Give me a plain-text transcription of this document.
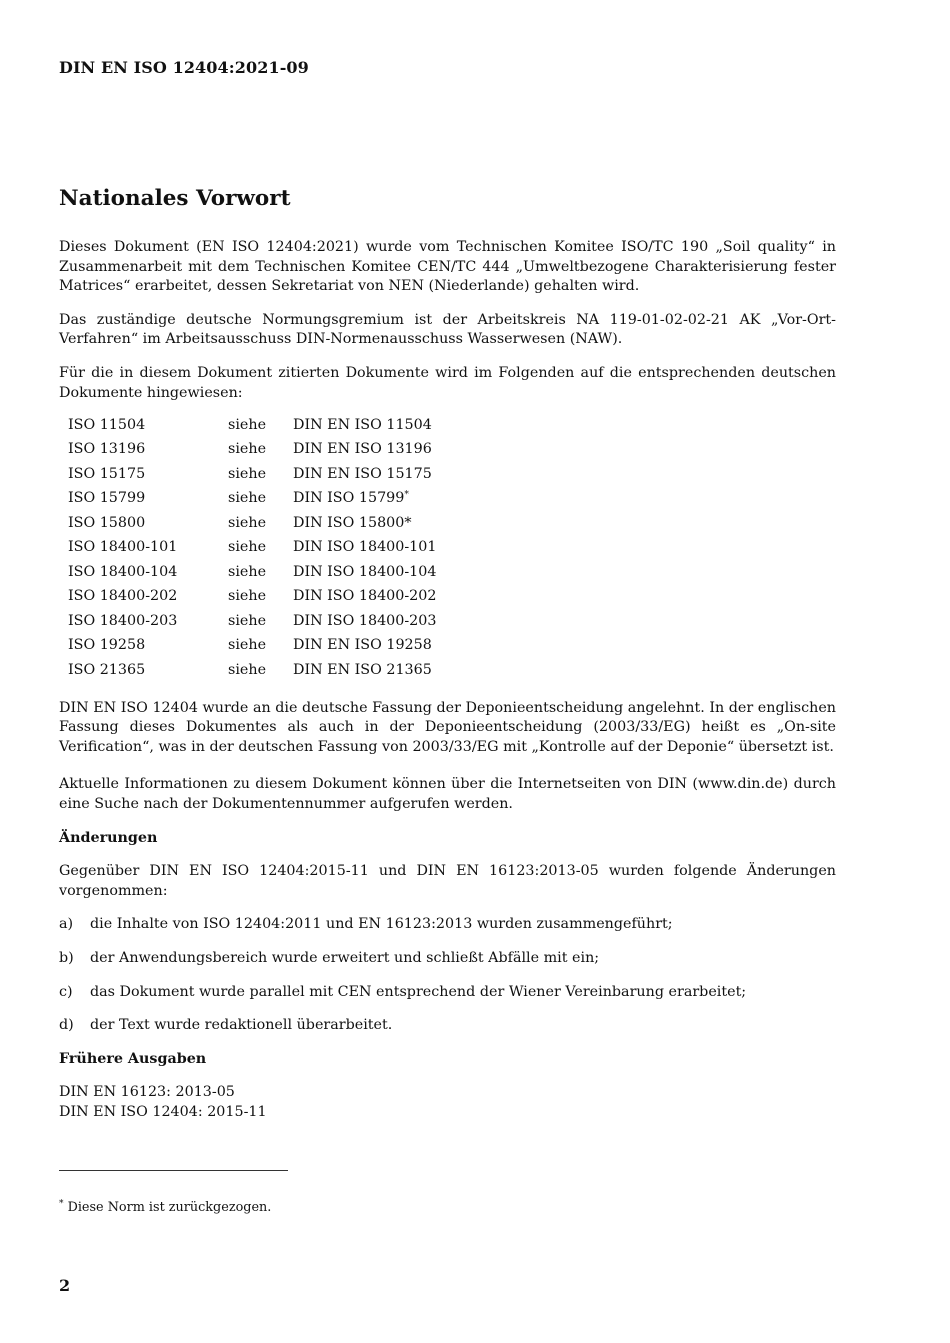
DIN EN ISO 12404:2021-09
Nationales Vorwort

Dieses Dokument (EN ISO 12404:2021) wurde vom Technischen Komitee ISO/TC 190 „Soil quality“ in Zusammenarbeit mit dem Technischen Komitee CEN/TC 444 „Umweltbezogene Charakterisierung fester Matrices“ erarbeitet, dessen Sekretariat von NEN (Niederlande) gehalten wird.

Das zuständige deutsche Normungsgremium ist der Arbeitskreis NA 119-01-02-02-21 AK „Vor-Ort-Verfahren“ im Arbeitsausschuss DIN-Normenausschuss Wasserwesen (NAW).

Für die in diesem Dokument zitierten Dokumente wird im Folgenden auf die entsprechenden deutschen Dokumente hingewiesen:

ISO 11504	siehe	DIN EN ISO 11504
ISO 13196	siehe	DIN EN ISO 13196
ISO 15175	siehe	DIN EN ISO 15175
ISO 15799	siehe	DIN ISO 15799*
ISO 15800	siehe	DIN ISO 15800*
ISO 18400-101	siehe	DIN ISO 18400-101
ISO 18400-104	siehe	DIN ISO 18400-104
ISO 18400-202	siehe	DIN ISO 18400-202
ISO 18400-203	siehe	DIN ISO 18400-203
ISO 19258	siehe	DIN EN ISO 19258
ISO 21365	siehe	DIN EN ISO 21365

DIN EN ISO 12404 wurde an die deutsche Fassung der Deponieentscheidung angelehnt. In der englischen Fassung dieses Dokumentes als auch in der Deponieentscheidung (2003/33/EG) heißt es „On-site Verification“, was in der deutschen Fassung von 2003/33/EG mit „Kontrolle auf der Deponie“ übersetzt ist.

Aktuelle Informationen zu diesem Dokument können über die Internetseiten von DIN (www.din.de) durch eine Suche nach der Dokumentennummer aufgerufen werden.

Änderungen

Gegenüber DIN EN ISO 12404:2015-11 und DIN EN 16123:2013-05 wurden folgende Änderungen vorgenommen:

a)	die Inhalte von ISO 12404:2011 und EN 16123:2013 wurden zusammengeführt;
b)	der Anwendungsbereich wurde erweitert und schließt Abfälle mit ein;
c)	das Dokument wurde parallel mit CEN entsprechend der Wiener Vereinbarung erarbeitet;
d)	der Text wurde redaktionell überarbeitet.
Frühere Ausgaben
DIN EN 16123: 2013-05
DIN EN ISO 12404: 2015-11
* Diese Norm ist zurückgezogen.
2
